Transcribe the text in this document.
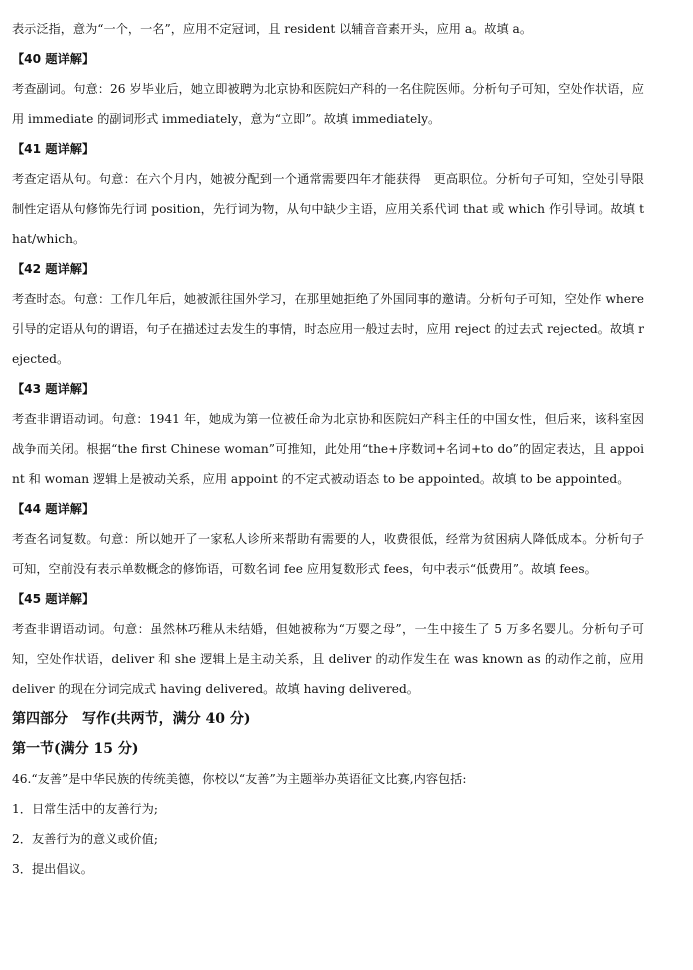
表示泛指，意为“一个，一名”，应用不定冠词，且 resident 以辅音音素开头，应用 a。故填 a。

【40 题详解】

考查副词。句意：26 岁毕业后，她立即被聘为北京协和医院妇产科的一名住院医师。分析句子可知，空处作状语，应用 immediate 的副词形式 immediately，意为“立即”。故填 immediately。

【41 题详解】

考查定语从句。句意：在六个月内，她被分配到一个通常需要四年才能获得　更高职位。分析句子可知，空处引导限制性定语从句修饰先行词 position，先行词为物，从句中缺少主语，应用关系代词 that 或 which 作引导词。故填 that/which。

【42 题详解】

考查时态。句意：工作几年后，她被派往国外学习，在那里她拒绝了外国同事的邀请。分析句子可知，空处作 where 引导的定语从句的谓语，句子在描述过去发生的事情，时态应用一般过去时，应用 reject 的过去式 rejected。故填 rejected。

【43 题详解】

考查非谓语动词。句意：1941 年，她成为第一位被任命为北京协和医院妇产科主任的中国女性，但后来，该科室因战争而关闭。根据“the first Chinese woman”可推知，此处用“the+序数词+名词+to do”的固定表达，且 appoint 和 woman 逻辑上是被动关系，应用 appoint 的不定式被动语态 to be appointed。故填 to be appointed。

【44 题详解】

考查名词复数。句意：所以她开了一家私人诊所来帮助有需要的人，收费很低，经常为贫困病人降低成本。分析句子可知，空前没有表示单数概念的修饰语，可数名词 fee 应用复数形式 fees，句中表示“低费用”。故填 fees。

【45 题详解】

考查非谓语动词。句意：虽然林巧稚从未结婚，但她被称为“万婴之母”，一生中接生了 5 万多名婴儿。分析句子可知，空处作状语，deliver 和 she 逻辑上是主动关系，且 deliver 的动作发生在 was known as 的动作之前，应用 deliver 的现在分词完成式 having delivered。故填 having delivered。

第四部分　写作(共两节，满分 40 分)

第一节(满分 15 分)

46.“友善”是中华民族的传统美德，你校以“友善”为主题举办英语征文比赛,内容包括:

1．日常生活中的友善行为;

2．友善行为的意义或价值;

3．提出倡议。
